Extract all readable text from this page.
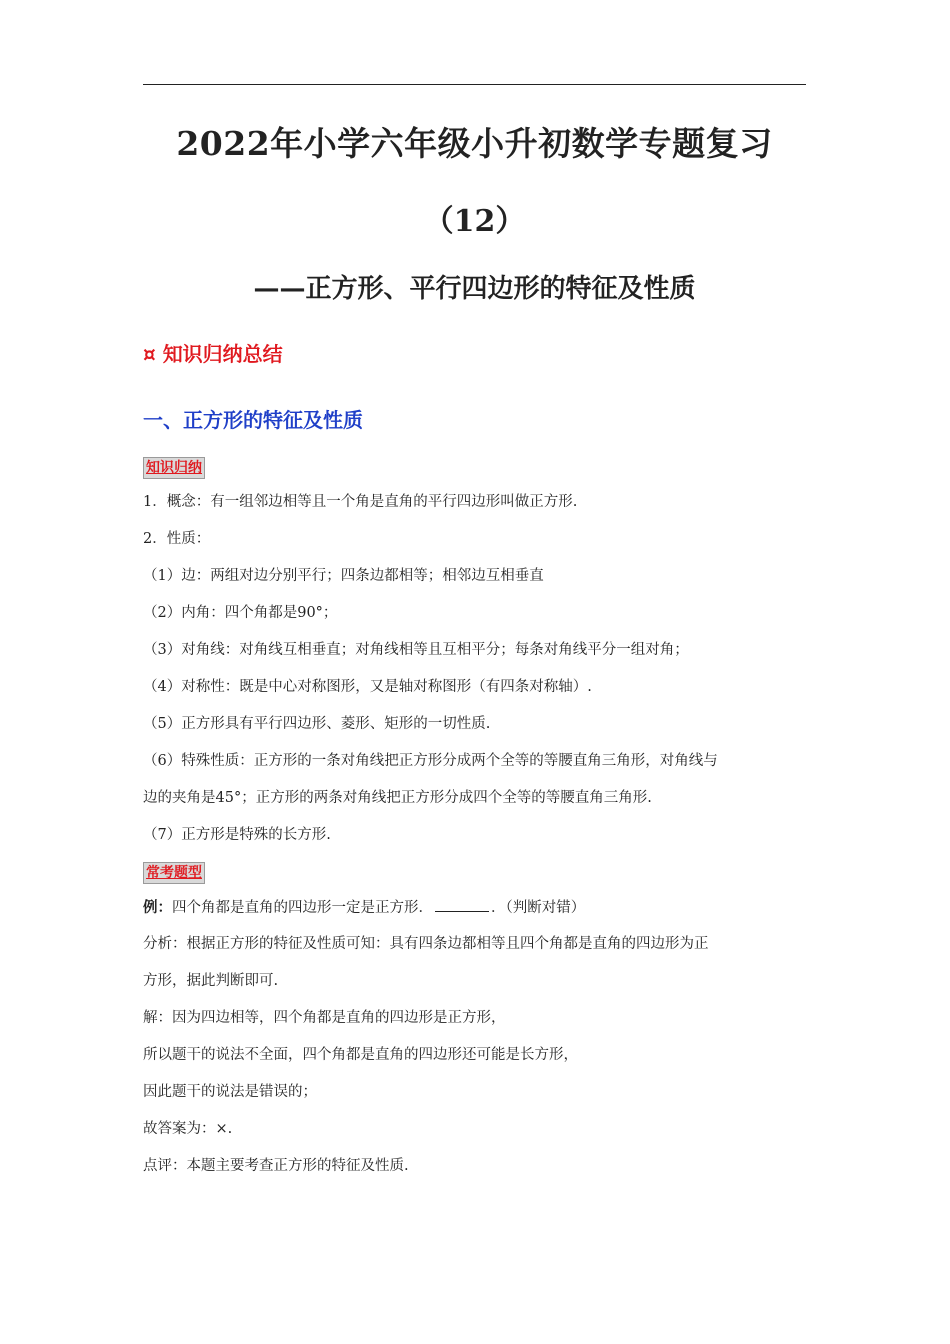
2022年小学六年级小升初数学专题复习
（12）
——正方形、平行四边形的特征及性质
¤ 知识归纳总结
一、正方形的特征及性质
知识归纳
1．概念：有一组邻边相等且一个角是直角的平行四边形叫做正方形.
2．性质：
（1）边：两组对边分别平行；四条边都相等；相邻边互相垂直
（2）内角：四个角都是90°；
（3）对角线：对角线互相垂直；对角线相等且互相平分；每条对角线平分一组对角；
（4）对称性：既是中心对称图形，又是轴对称图形（有四条对称轴）.
（5）正方形具有平行四边形、菱形、矩形的一切性质.
（6）特殊性质：正方形的一条对角线把正方形分成两个全等的等腰直角三角形，对角线与
边的夹角是45°；正方形的两条对角线把正方形分成四个全等的等腰直角三角形.
（7）正方形是特殊的长方形.
常考题型
例：四个角都是直角的四边形一定是正方形．	．（判断对错）
分析：根据正方形的特征及性质可知：具有四条边都相等且四个角都是直角的四边形为正
方形，据此判断即可.
解：因为四边相等，四个角都是直角的四边形是正方形，
所以题干的说法不全面，四个角都是直角的四边形还可能是长方形，
因此题干的说法是错误的；
故答案为：×.
点评：本题主要考查正方形的特征及性质.
